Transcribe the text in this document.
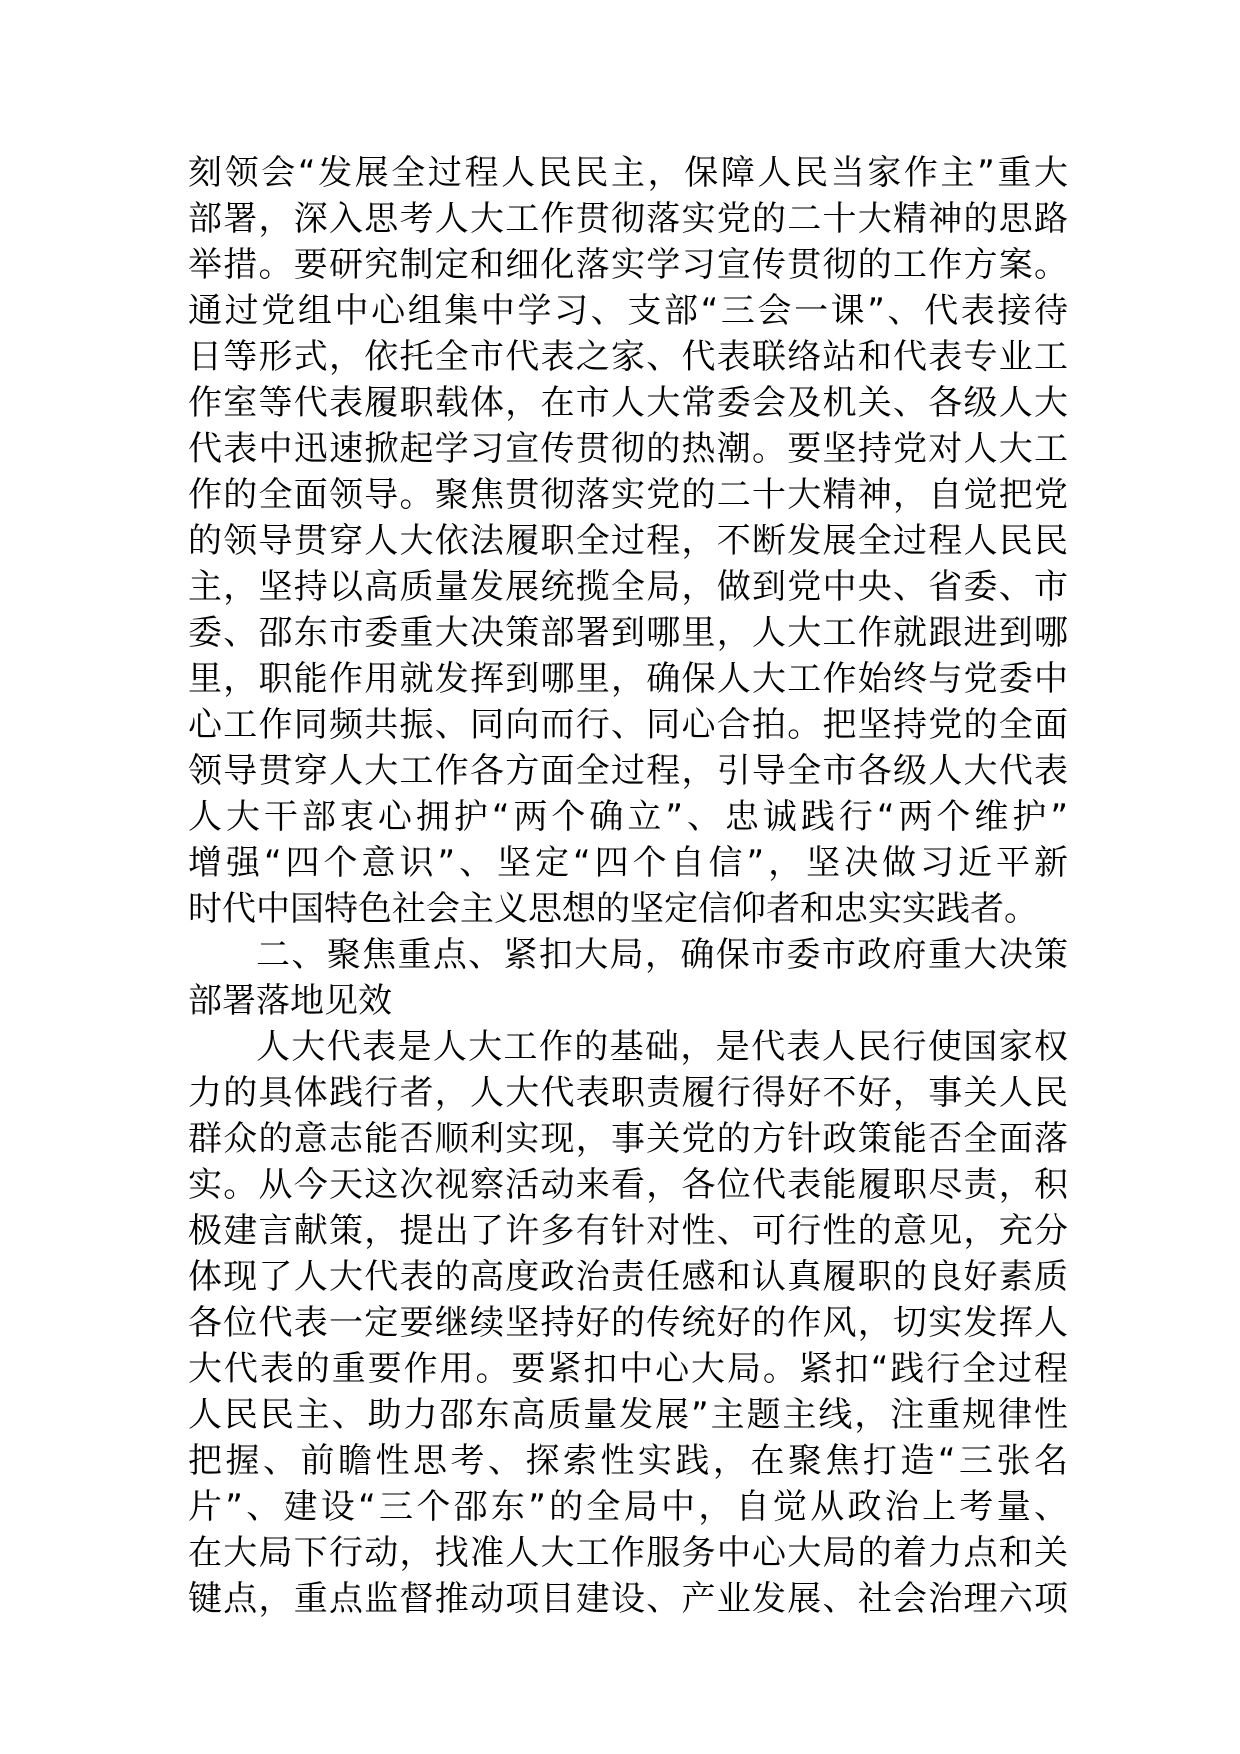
刻领会“发展全过程人民民主，保障人民当家作主”重大
部署，深入思考人大工作贯彻落实党的二十大精神的思路
举措。要研究制定和细化落实学习宣传贯彻的工作方案。
通过党组中心组集中学习、支部“三会一课”、代表接待
日等形式，依托全市代表之家、代表联络站和代表专业工
作室等代表履职载体，在市人大常委会及机关、各级人大
代表中迅速掀起学习宣传贯彻的热潮。要坚持党对人大工
作的全面领导。聚焦贯彻落实党的二十大精神，自觉把党
的领导贯穿人大依法履职全过程，不断发展全过程人民民
主，坚持以高质量发展统揽全局，做到党中央、省委、市
委、邵东市委重大决策部署到哪里，人大工作就跟进到哪
里，职能作用就发挥到哪里，确保人大工作始终与党委中
心工作同频共振、同向而行、同心合拍。把坚持党的全面
领导贯穿人大工作各方面全过程，引导全市各级人大代表
人大干部衷心拥护“两个确立”、忠诚践行“两个维护”
增强“四个意识”、坚定“四个自信”，坚决做习近平新
时代中国特色社会主义思想的坚定信仰者和忠实实践者。
二、聚焦重点、紧扣大局，确保市委市政府重大决策
部署落地见效
人大代表是人大工作的基础，是代表人民行使国家权
力的具体践行者，人大代表职责履行得好不好，事关人民
群众的意志能否顺利实现，事关党的方针政策能否全面落
实。从今天这次视察活动来看，各位代表能履职尽责，积
极建言献策，提出了许多有针对性、可行性的意见，充分
体现了人大代表的高度政治责任感和认真履职的良好素质
各位代表一定要继续坚持好的传统好的作风，切实发挥人
大代表的重要作用。要紧扣中心大局。紧扣“践行全过程
人民民主、助力邵东高质量发展”主题主线，注重规律性
把握、前瞻性思考、探索性实践，在聚焦打造“三张名
片”、建设“三个邵东”的全局中，自觉从政治上考量、
在大局下行动，找准人大工作服务中心大局的着力点和关
键点，重点监督推动项目建设、产业发展、社会治理六项
